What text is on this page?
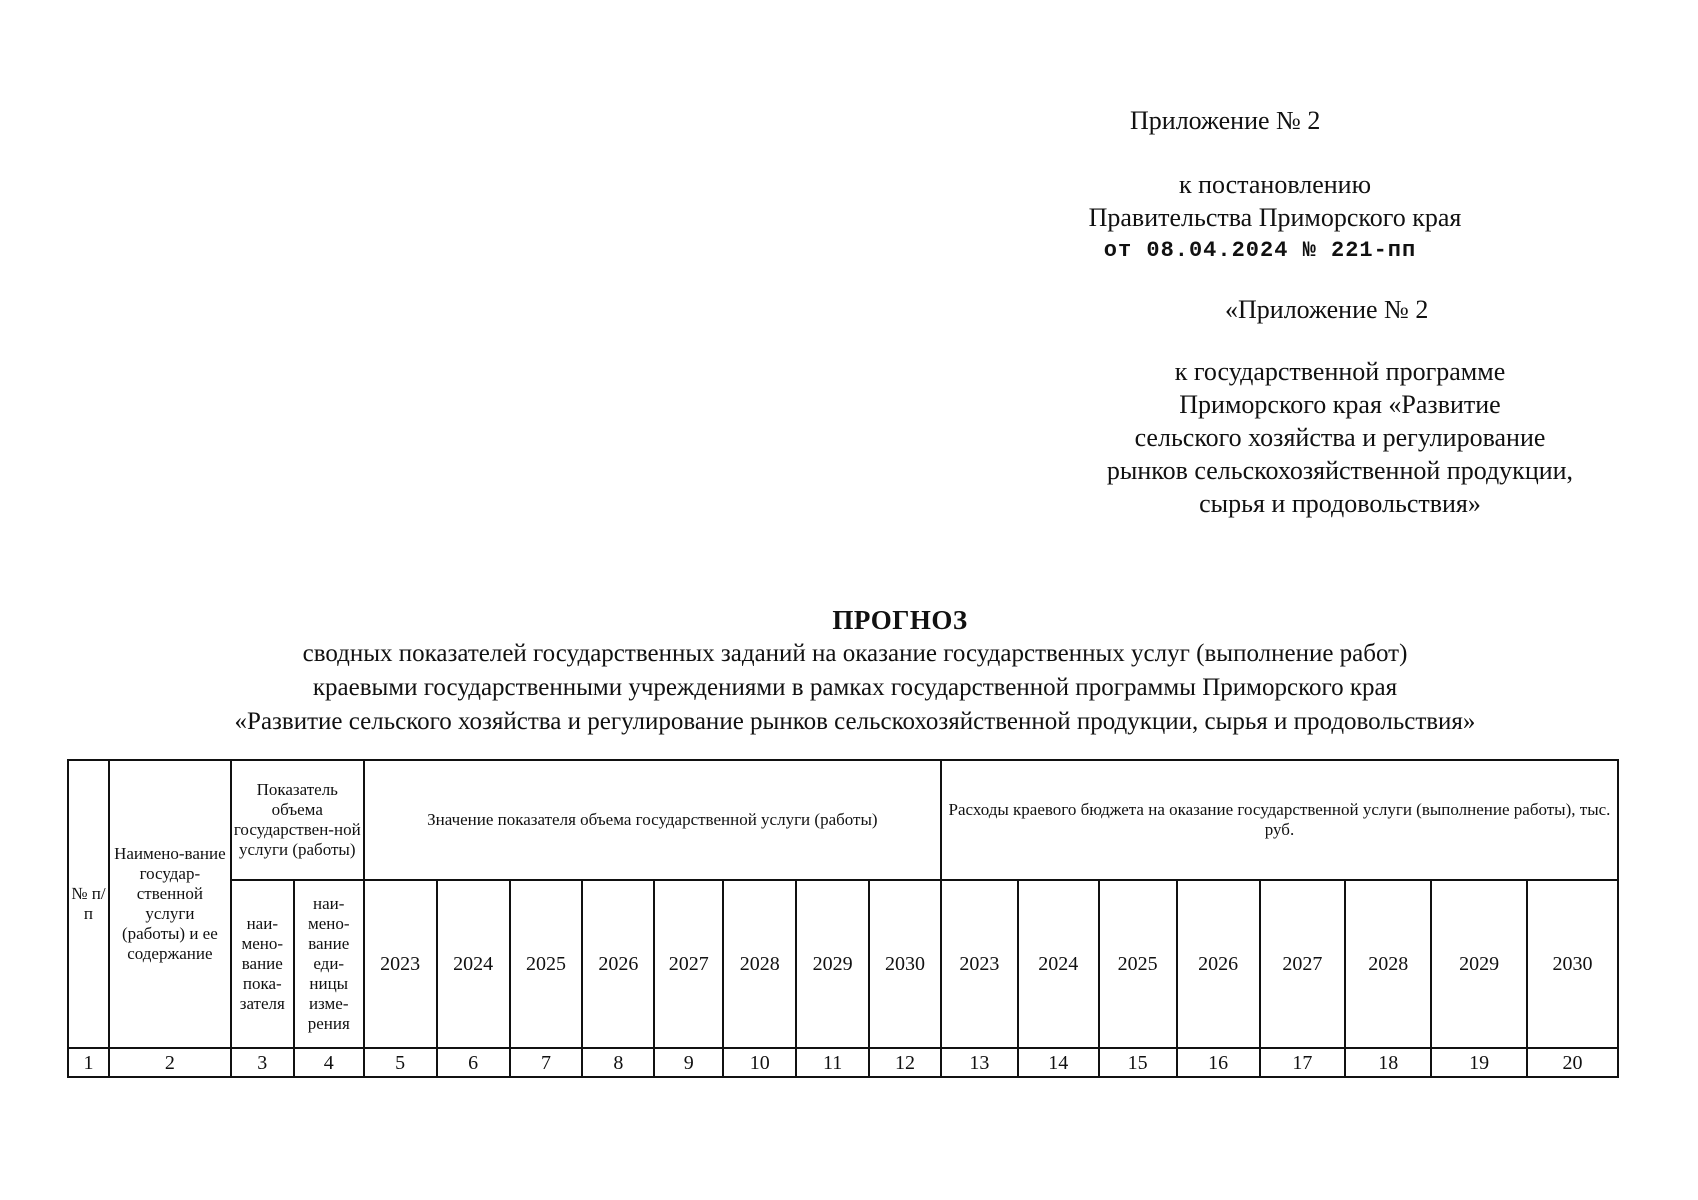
Приложение № 2
к постановлению
Правительства Приморского края
от 08.04.2024 № 221-пп
«Приложение № 2
к государственной программе
Приморского края «Развитие
сельского хозяйства и регулирование
рынков сельскохозяйственной продукции,
сырья и продовольствия»
ПРОГНОЗ
сводных показателей государственных заданий на оказание государственных услуг (выполнение работ)
краевыми государственными учреждениями в рамках государственной программы Приморского края
«Развитие сельского хозяйства и регулирование рынков сельскохозяйственной продукции, сырья и продовольствия»
№ п/п	Наимено-вание государ-ственной услуги (работы) и ее содержание	Показатель объема государствен-ной услуги (работы)		Значение показателя объема государственной услуги (работы)								Расходы краевого бюджета на оказание государственной услуги (выполнение работы), тыс. руб.							
		наи-мено-вание пока-зателя	наи-мено-вание еди-ницы изме-рения	2023	2024	2025	2026	2027	2028	2029	2030	2023	2024	2025	2026	2027	2028	2029	2030
1	2	3	4	5	6	7	8	9	10	11	12	13	14	15	16	17	18	19	20
